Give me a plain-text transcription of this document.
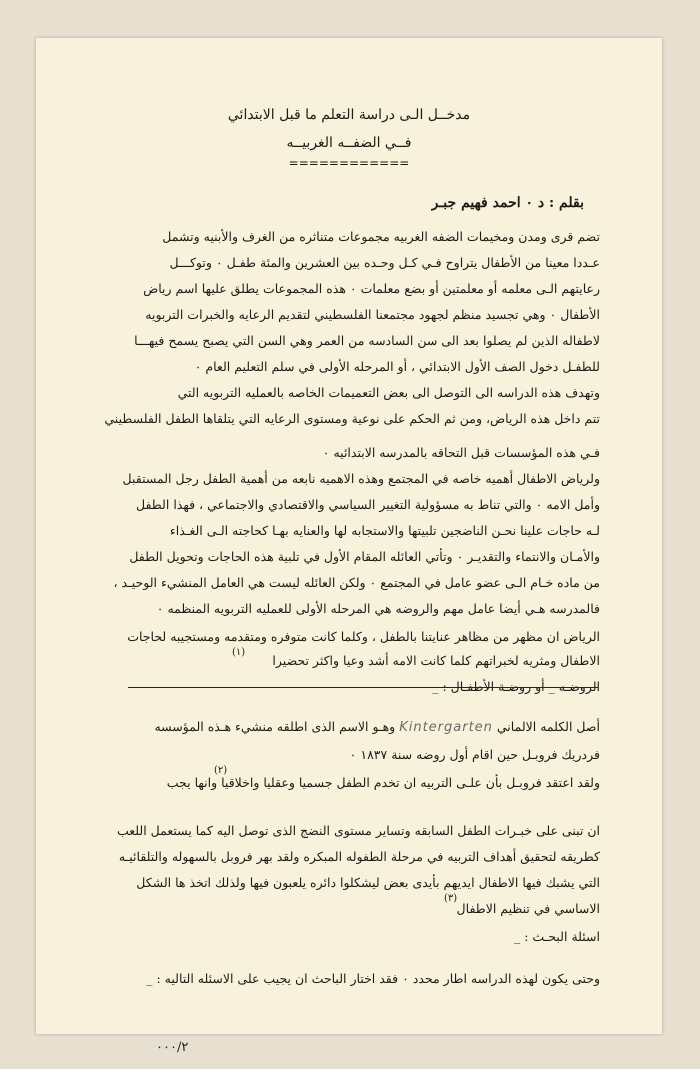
مدخــل الـى دراسة التعلم ما قبل الابتدائي
فــي الضفــه الغربيــه
============
بقلم : د ٠ احمد فهيم جبـر
تضم قرى ومدن ومخيمات الضفه الغربيه مجموعات متناثره من الغرف والأبنيه وتشمل
عـددا معينا من الأطفال يتراوح فـي كـل وحـده بين العشرين والمئة طفـل ٠ وتوكـــل
رعايتهم الـى معلمه أو معلمتين أو بضع معلمات ٠ هذه المجموعات يطلق عليها اسم رياض
الأطفال ٠ وهي تجسيد منظم لجهود مجتمعنا الفلسطيني لتقديم الرعايه والخبرات التربويه
لاطفاله الذين لم يصلوا بعد الى سن السادسه من العمر وهي السن التي يصبح يسمح فيهـــا
للطفـل دخول الصف الأول الابتدائي ، أو المرحله الأولى في سلم التعليم العام ٠
وتهدف هذه الدراسه الى التوصل الى بعض التعميمات الخاصه بالعمليه التربويه التي
تتم داخل هذه الرياض، ومن ثم الحكم على نوعية ومستوى الرعايه التي يتلقاها الطفل الفلسطيني
فـي هذه المؤسسات قبل التحاقه بالمدرسه الابتدائيه ٠
ولرياض الاطفال أهميه خاصه في المجتمع وهذه الاهميه نابعه من أهمية الطفل رجل المستقبل
وأمل الامه ٠ والتي تناط به مسؤولية التغيير السياسي والاقتصادي والاجتماعي ، فهذا الطفل
لـه حاجات علينا نحـن الناضجين تلبيتها والاستجابه لها والعنايه بهـا كحاجته الـى الغـذاء
والأمـان والانتماء والتقديـر ٠ وتأتي العائله المقام الأول في تلبية هذه الحاجات وتحويل الطفل
من ماده خـام الـى عضو عامل في المجتمع ٠ ولكن العائله ليست هي العامل المنشيء الوحيـد ،
فالمدرسه هـي أيضا عامل مهم والروضه هي المرحله الأولى للعمليه التربويه المنظمه ٠
الرياض ان مظهر من مظاهر عنايتنا بالطفل ، وكلما كانت متوفره ومتقدمه ومستجيبه لحاجات
الاطفال ومثريه لخبراتهم كلما كانت الامه أشد وعيا واكثر تحضيرا
(١)
الروضـه _ أو روضـة الأطفـال : _
أصل الكلمه الالماني Kintergarten وهـو الاسم الذى اطلقه منشيء هـذه المؤسسه
فردريك فروبـل حين اقام أول روضه سنة ١٨٣٧ ٠
ولقد اعتقد فروبـل بأن علـى التربيه ان تخدم الطفل جسميا وعقليا واخلاقيا وانها يجب
(٢)
ان تبنى على خبـرات الطفل السابقه وتساير مستوى النضج الذى توصل اليه كما يستعمل اللعب
كطريقه لتحقيق أهداف التربيه في مرحلة الطفوله المبكره ولقد بهر فروبل بالسهوله والتلقائيـه
التي يشبك فيها الاطفال ايديهم بأيدى بعض ليشكلوا دائره يلعبون فيها ولذلك اتخذ ها الشكل
الاساسي في تنظيم الاطفال
(٣)
اسئلة البحـث : _
وحتى يكون لهذه الدراسه اطار محدد ٠ فقد اختار الباحث ان يجيب على الاسئله التاليه : _
٠٠٠/٢
